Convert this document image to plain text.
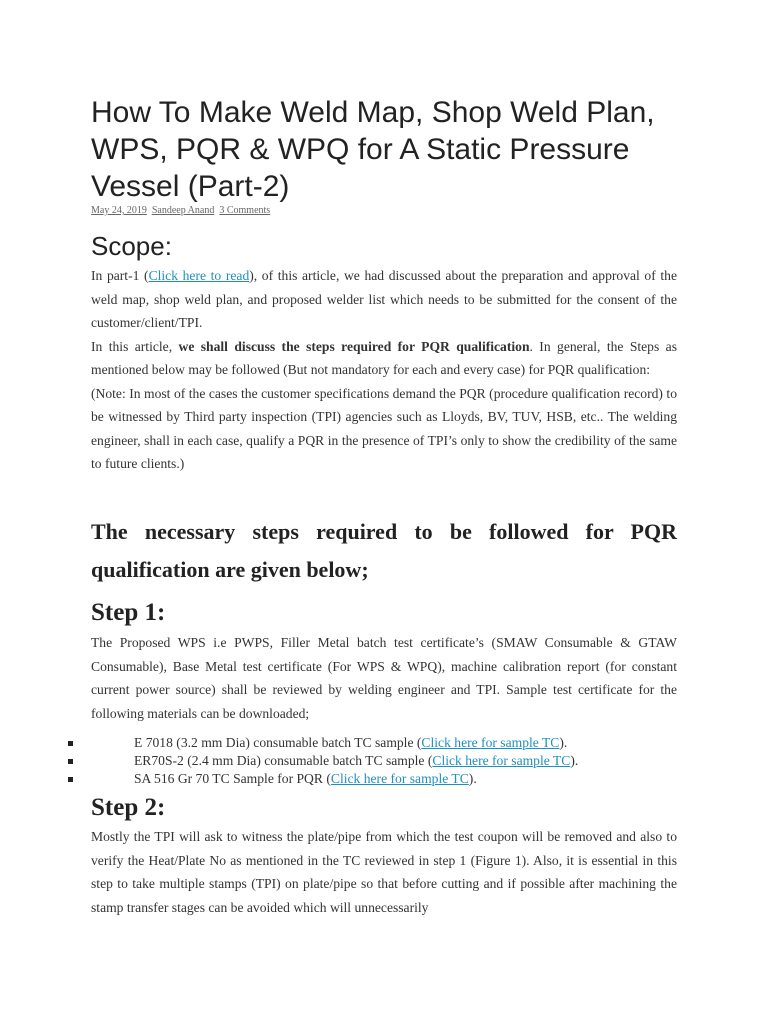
How To Make Weld Map, Shop Weld Plan, WPS, PQR & WPQ for A Static Pressure Vessel (Part-2)
May 24, 2019 Sandeep Anand 3 Comments
Scope:

In part-1 (Click here to read), of this article, we had discussed about the preparation and approval of the weld map, shop weld plan, and proposed welder list which needs to be submitted for the consent of the customer/client/TPI.

In this article, we shall discuss the steps required for PQR qualification. In general, the Steps as mentioned below may be followed (But not mandatory for each and every case) for PQR qualification:

(Note: In most of the cases the customer specifications demand the PQR (procedure qualification record) to be witnessed by Third party inspection (TPI) agencies such as Lloyds, BV, TUV, HSB, etc.. The welding engineer, shall in each case, qualify a PQR in the presence of TPI’s only to show the credibility of the same to future clients.)

The necessary steps required to be followed for PQR qualification are given below;
Step 1:

The Proposed WPS i.e PWPS, Filler Metal batch test certificate’s (SMAW Consumable & GTAW Consumable), Base Metal test certificate (For WPS & WPQ), machine calibration report (for constant current power source) shall be reviewed by welding engineer and TPI. Sample test certificate for the following materials can be downloaded;

E 7018 (3.2 mm Dia) consumable batch TC sample (Click here for sample TC).
ER70S-2 (2.4 mm Dia) consumable batch TC sample (Click here for sample TC).
SA 516 Gr 70 TC Sample for PQR (Click here for sample TC).
Step 2:

Mostly the TPI will ask to witness the plate/pipe from which the test coupon will be removed and also to verify the Heat/Plate No as mentioned in the TC reviewed in step 1 (Figure 1). Also, it is essential in this step to take multiple stamps (TPI) on plate/pipe so that before cutting and if possible after machining the stamp transfer stages can be avoided which will unnecessarily
